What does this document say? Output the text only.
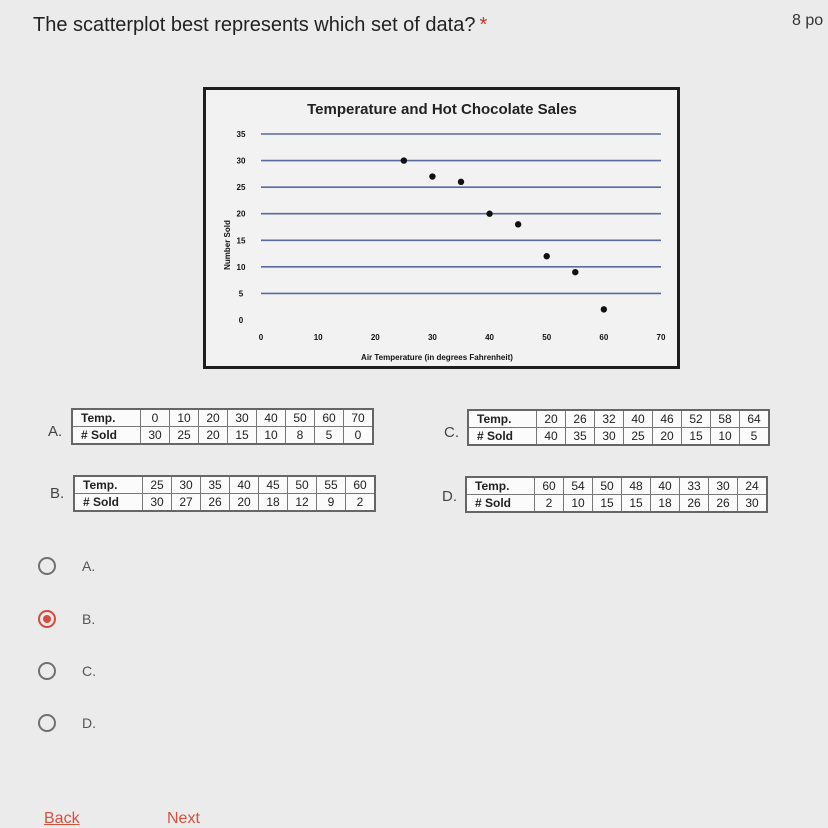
The scatterplot best represents which set of data? *	8 po
Temperature and Hot Chocolate Sales
0
5
10
15
20
25
30
35
0	10	20	30	40	50	60	70
Air Temperature (in degrees Fahrenheit)
Number Sold
A.
Temp.	0	10	20	30	40	50	60	70
# Sold	30	25	20	15	10	8	5	0
B. Temp.	25	30	35	40	45	50	55	60
# Sold	30	27	26	20	18	12	9	2
C.
Temp.	20	26	32	40	46	52	58	64
# Sold	40	35	30	25	20	15	10	5
D.
Temp.	60	54	50	48	40	33	30	24
# Sold	2	10	15	15	18	26	26	30
A.
B.
C.
D.
Back	Next
